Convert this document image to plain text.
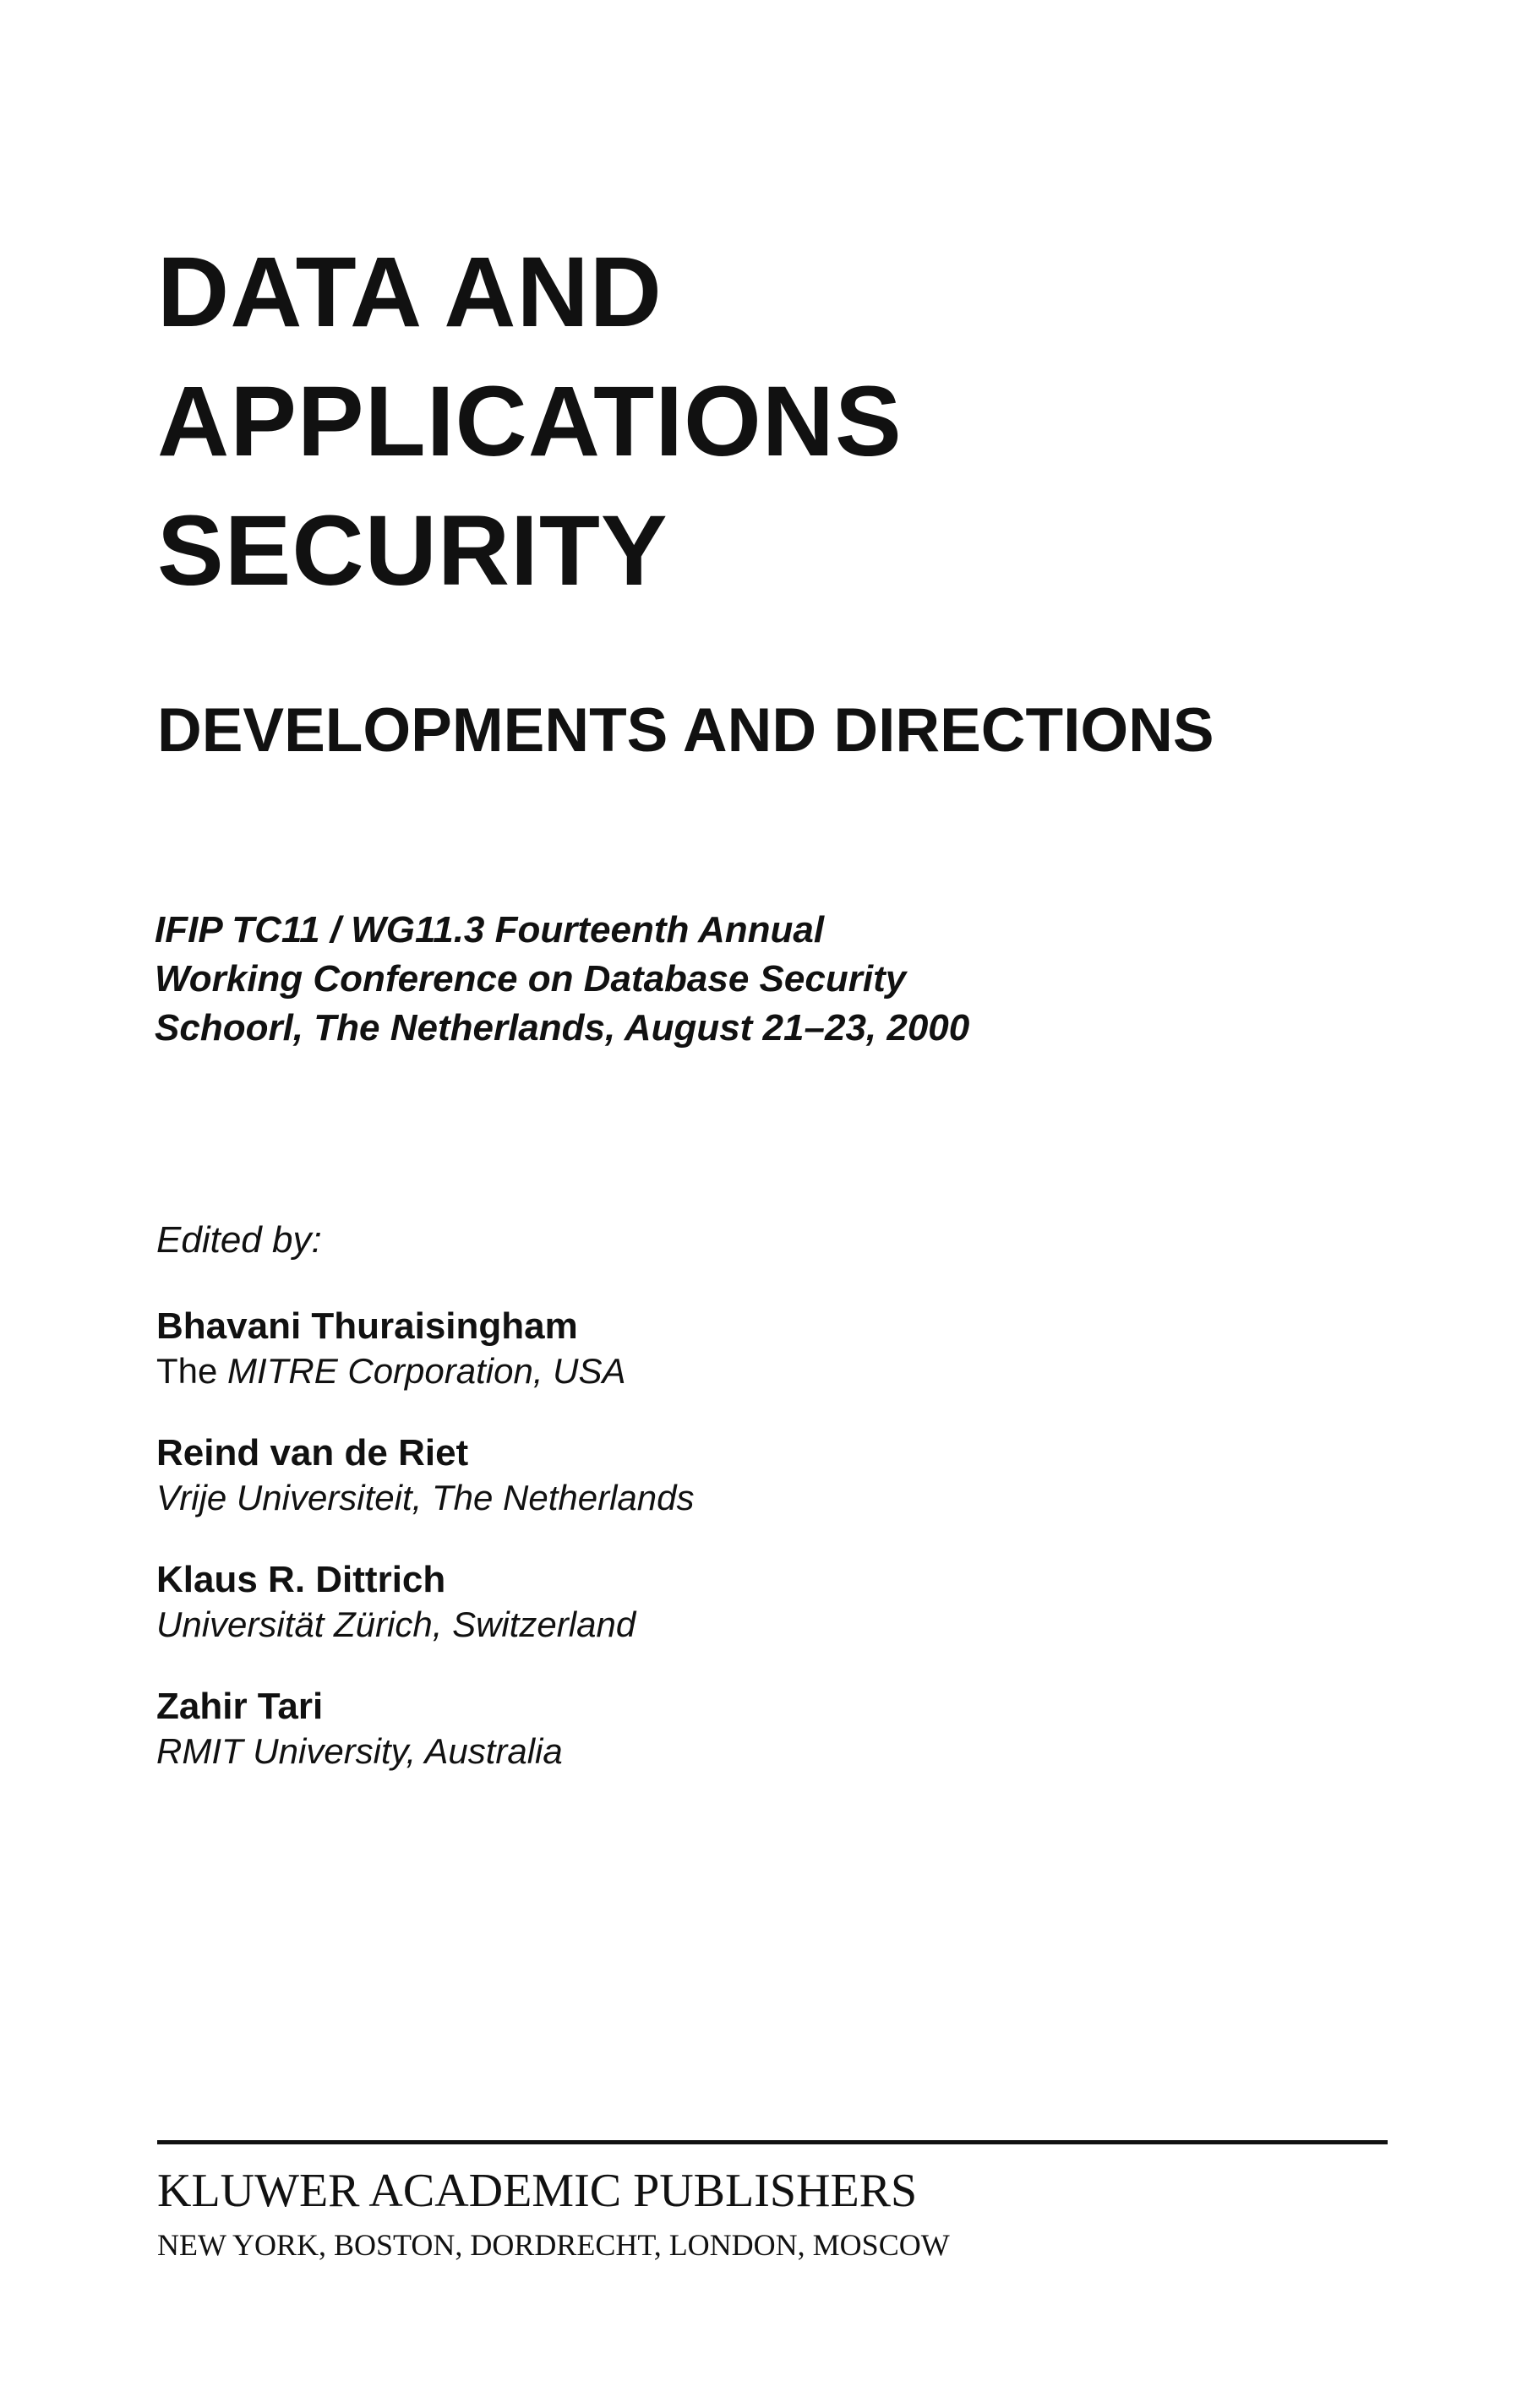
DATA AND
APPLICATIONS
SECURITY
DEVELOPMENTS AND DIRECTIONS
IFIP TC11 / WG11.3 Fourteenth Annual
Working Conference on Database Security
Schoorl, The Netherlands, August 21–23, 2000
Edited by:
Bhavani Thuraisingham
The MITRE Corporation, USA
Reind van de Riet
Vrije Universiteit, The Netherlands
Klaus R. Dittrich
Universität Zürich, Switzerland
Zahir Tari
RMIT University, Australia
KLUWER ACADEMIC PUBLISHERS
NEW YORK, BOSTON, DORDRECHT, LONDON, MOSCOW
